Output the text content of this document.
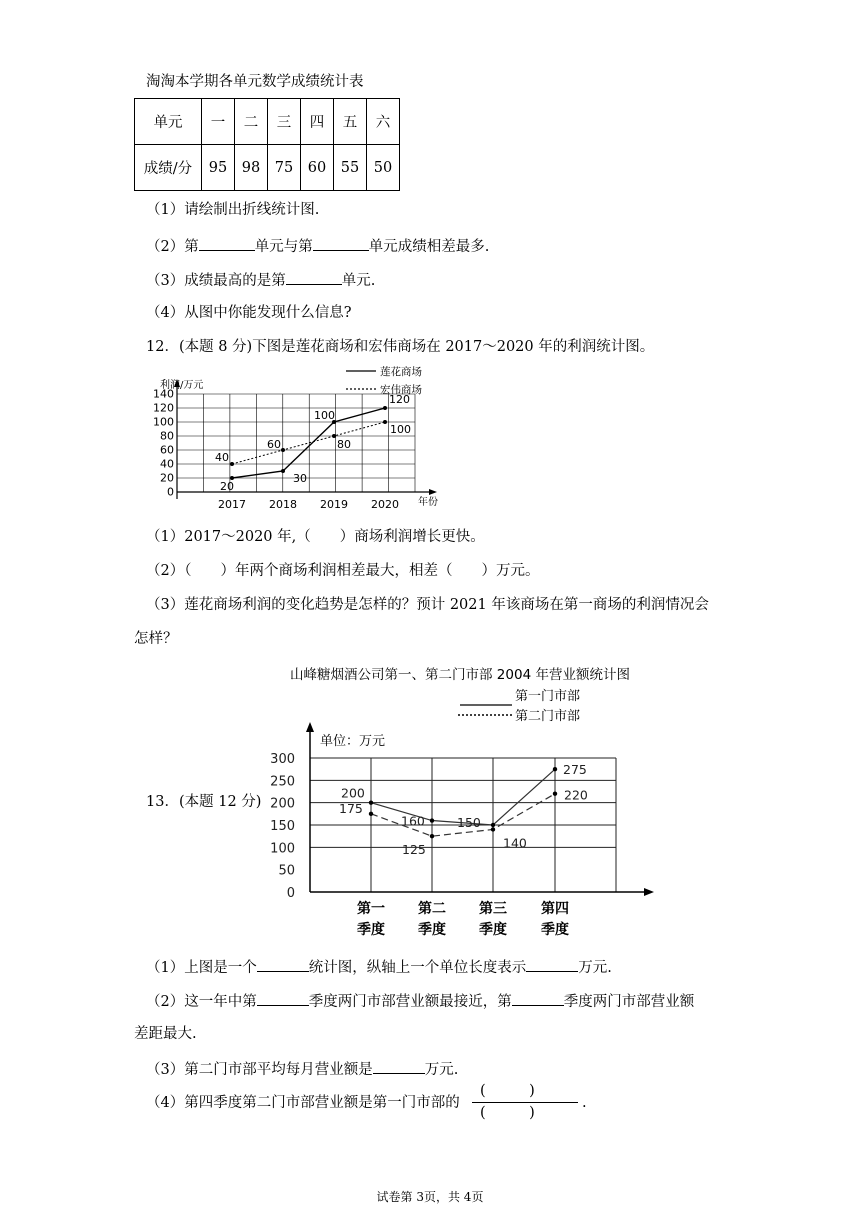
淘淘本学期各单元数学成绩统计表
单元	一	二	三	四	五	六
成绩/分	95	98	75	60	55	50
（1）请绘制出折线统计图.
（2）第	单元与第	单元成绩相差最多.
（3）成绩最高的是第	单元.
（4）从图中你能发现什么信息?
12．(本题 8 分)下图是莲花商场和宏伟商场在 2017～2020 年的利润统计图。
利润/万元
年份
莲花商场
宏伟商场
0
20
40
60
80
100
120
140
2017 2018 2019 2020
20
30
100
120
40
60	80
100
（1）2017～2020 年,（　　）商场利润增长更快。
（2）（　　）年两个商场利润相差最大，相差（　　）万元。
（3）莲花商场利润的变化趋势是怎样的？预计 2021 年该商场在第一商场的利润情况会
怎样？
13．(本题 12 分)
山峰糖烟酒公司第一、第二门市部 2004 年营业额统计图
第一门市部
第二门市部
单位：万元
0
50
100
150
200
250
300
第一
季度
第二
季度
第三
季度
第四
季度
200
160	150
275
175
125	140
220
（1）上图是一个	统计图，纵轴上一个单位长度表示	万元.
（2）这一年中第	季度两门市部营业额最接近，第	季度两门市部营业额
差距最大.
（3）第二门市部平均每月营业额是	万元.
（4）第四季度第二门市部营业额是第一门市部的
(　　　)
(　　　)
.
试卷第 3页，共 4页
